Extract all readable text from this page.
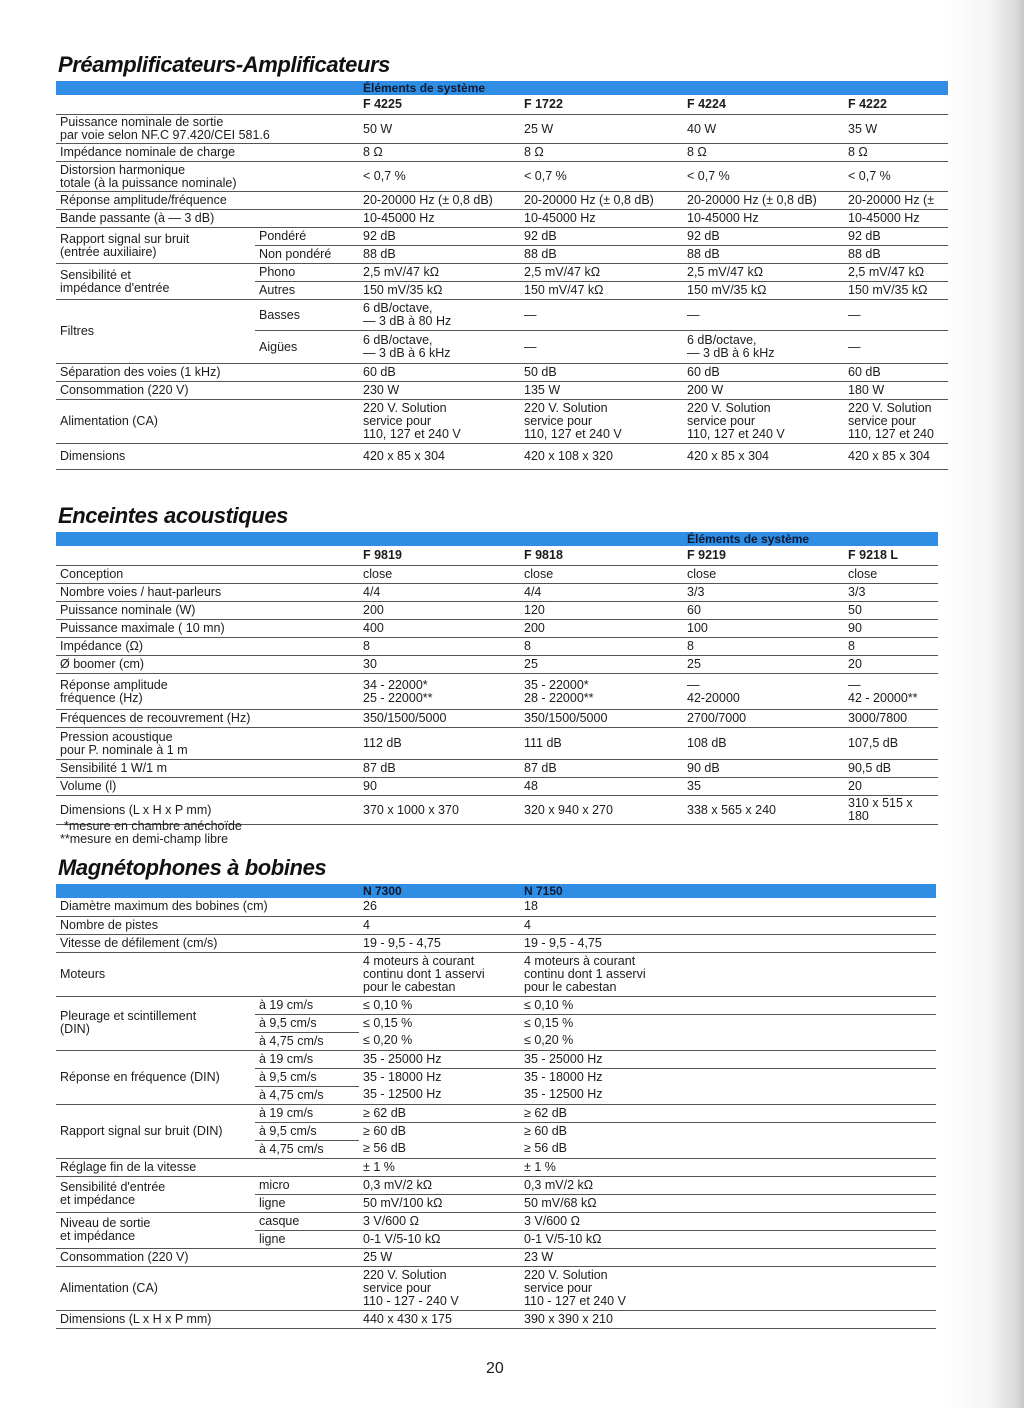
Préamplificateurs-Amplificateurs
		Éléments de système			
		F 4225	F 1722	F 4224	F 4222
Puissance nominale de sortie
par voie selon NF.C 97.420/CEI 581.6		50 W	25 W	40 W	35 W
Impédance nominale de charge		8 Ω	8 Ω	8 Ω	8 Ω
Distorsion harmonique
totale (à la puissance nominale)		< 0,7 %	< 0,7 %	< 0,7 %	< 0,7 %
Réponse amplitude/fréquence		20-20000 Hz (± 0,8 dB)	20-20000 Hz (± 0,8 dB)	20-20000 Hz (± 0,8 dB)	20-20000 Hz (±
Bande passante (à — 3 dB)		10-45000 Hz	10-45000 Hz	10-45000 Hz	10-45000 Hz
Rapport signal sur bruit
(entrée auxiliaire)	Pondéré	92 dB	92 dB	92 dB	92 dB
	Non pondéré	88 dB	88 dB	88 dB	88 dB
Sensibilité et
impédance d'entrée	Phono	2,5 mV/47 kΩ	2,5 mV/47 kΩ	2,5 mV/47 kΩ	2,5 mV/47 kΩ
	Autres	150 mV/35 kΩ	150 mV/47 kΩ	150 mV/35 kΩ	150 mV/35 kΩ
Filtres	Basses	6 dB/octave,
— 3 dB à 80 Hz	—	—	—
	Aigües	6 dB/octave,
— 3 dB à 6 kHz	—	6 dB/octave,
— 3 dB à 6 kHz	—
Séparation des voies (1 kHz)		60 dB	50 dB	60 dB	60 dB
Consommation (220 V)		230 W	135 W	200 W	180 W
Alimentation (CA)		220 V. Solution
service pour
110, 127 et 240 V	220 V. Solution
service pour
110, 127 et 240 V	220 V. Solution
service pour
110, 127 et 240 V	220 V. Solution
service pour
110, 127 et 240
Dimensions		420 x 85 x 304	420 x 108 x 320	420 x 85 x 304	420 x 85 x 304
Enceintes acoustiques
			Éléments de système	
	F 9819	F 9818	F 9219	F 9218 L
Conception	close	close	close	close
Nombre voies / haut-parleurs	4/4	4/4	3/3	3/3
Puissance nominale (W)	200	120	60	50
Puissance maximale ( 10 mn)	400	200	100	90
Impédance (Ω)	8	8	8	8
Ø boomer (cm)	30	25	25	20
Réponse amplitude
fréquence (Hz)	34 - 22000*
25 - 22000**	35 - 22000*
28 - 22000**	—
42-20000	—
42 - 20000**
Fréquences de recouvrement (Hz)	350/1500/5000	350/1500/5000	2700/7000	3000/7800
Pression acoustique
pour P. nominale à 1 m	112 dB	111 dB	108 dB	107,5 dB
Sensibilité 1 W/1 m	87 dB	87 dB	90 dB	90,5 dB
Volume (l)	90	48	35	20
Dimensions (L x H x P mm)	370 x 1000 x 370	320 x 940 x 270	338 x 565 x 240	310 x 515 x 180
*mesure en chambre anéchoïde
**mesure en demi-champ libre
Magnétophones à bobines
		N 7300	N 7150
Diamètre maximum des bobines (cm)		26	18
Nombre de pistes		4	4
Vitesse de défilement (cm/s)		19 - 9,5 - 4,75	19 - 9,5 - 4,75
Moteurs		4 moteurs à courant
continu dont 1 asservi
pour le cabestan	4 moteurs à courant
continu dont 1 asservi
pour le cabestan
Pleurage et scintillement
(DIN)	à 19 cm/s	≤ 0,10 %	≤ 0,10 %
	à 9,5 cm/s	≤ 0,15 %	≤ 0,15 %
	à 4,75 cm/s	≤ 0,20 %	≤ 0,20 %
Réponse en fréquence (DIN)	à 19 cm/s	35 - 25000 Hz	35 - 25000 Hz
	à 9,5 cm/s	35 - 18000 Hz	35 - 18000 Hz
	à 4,75 cm/s	35 - 12500 Hz	35 - 12500 Hz
Rapport signal sur bruit (DIN)	à 19 cm/s	≥ 62 dB	≥ 62 dB
	à 9,5 cm/s	≥ 60 dB	≥ 60 dB
	à 4,75 cm/s	≥ 56 dB	≥ 56 dB
Réglage fin de la vitesse		± 1 %	± 1 %
Sensibilité d'entrée
et impédance	micro	0,3 mV/2 kΩ	0,3 mV/2 kΩ
	ligne	50 mV/100 kΩ	50 mV/68 kΩ
Niveau de sortie
et impédance	casque	3 V/600 Ω	3 V/600 Ω
	ligne	0-1 V/5-10 kΩ	0-1 V/5-10 kΩ
Consommation (220 V)		25 W	23 W
Alimentation (CA)		220 V. Solution
service pour
110 - 127 - 240 V	220 V. Solution
service pour
110 - 127 et 240 V
Dimensions (L x H x P mm)		440 x 430 x 175	390 x 390 x 210
20
